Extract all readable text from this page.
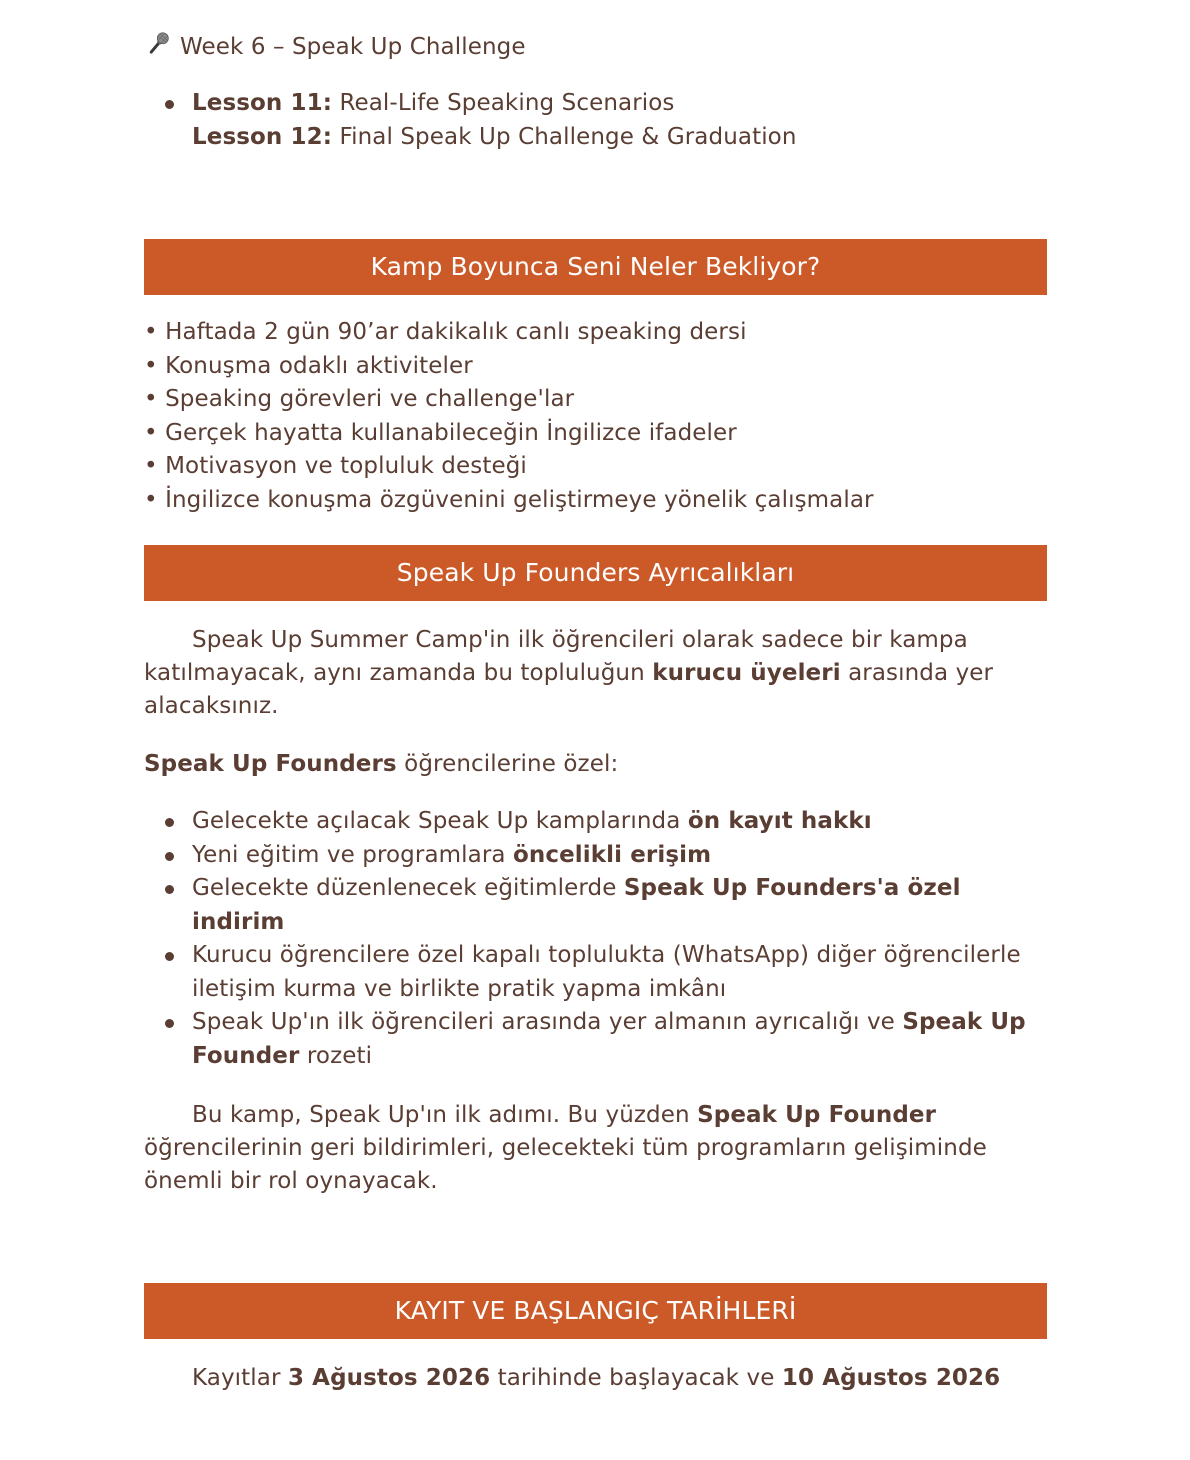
Week 6 – Speak Up Challenge
Lesson 11: Real-Life Speaking Scenarios
Lesson 12: Final Speak Up Challenge & Graduation
Kamp Boyunca Seni Neler Bekliyor?
• Haftada 2 gün 90’ar dakikalık canlı speaking dersi
• Konuşma odaklı aktiviteler
• Speaking görevleri ve challenge'lar
• Gerçek hayatta kullanabileceğin İngilizce ifadeler
• Motivasyon ve topluluk desteği
• İngilizce konuşma özgüvenini geliştirmeye yönelik çalışmalar
Speak Up Founders Ayrıcalıkları
Speak Up Summer Camp'in ilk öğrencileri olarak sadece bir kampa katılmayacak, aynı zamanda bu topluluğun kurucu üyeleri arasında yer alacaksınız.
Speak Up Founders öğrencilerine özel:
Gelecekte açılacak Speak Up kamplarında ön kayıt hakkı
Yeni eğitim ve programlara öncelikli erişim
Gelecekte düzenlenecek eğitimlerde Speak Up Founders'a özel indirim
Kurucu öğrencilere özel kapalı toplulukta (WhatsApp) diğer öğrencilerle iletişim kurma ve birlikte pratik yapma imkânı
Speak Up'ın ilk öğrencileri arasında yer almanın ayrıcalığı ve Speak Up Founder rozeti
Bu kamp, Speak Up'ın ilk adımı. Bu yüzden Speak Up Founder öğrencilerinin geri bildirimleri, gelecekteki tüm programların gelişiminde önemli bir rol oynayacak.
KAYIT VE BAŞLANGIÇ TARİHLERİ
Kayıtlar 3 Ağustos 2026 tarihinde başlayacak ve 10 Ağustos 2026
